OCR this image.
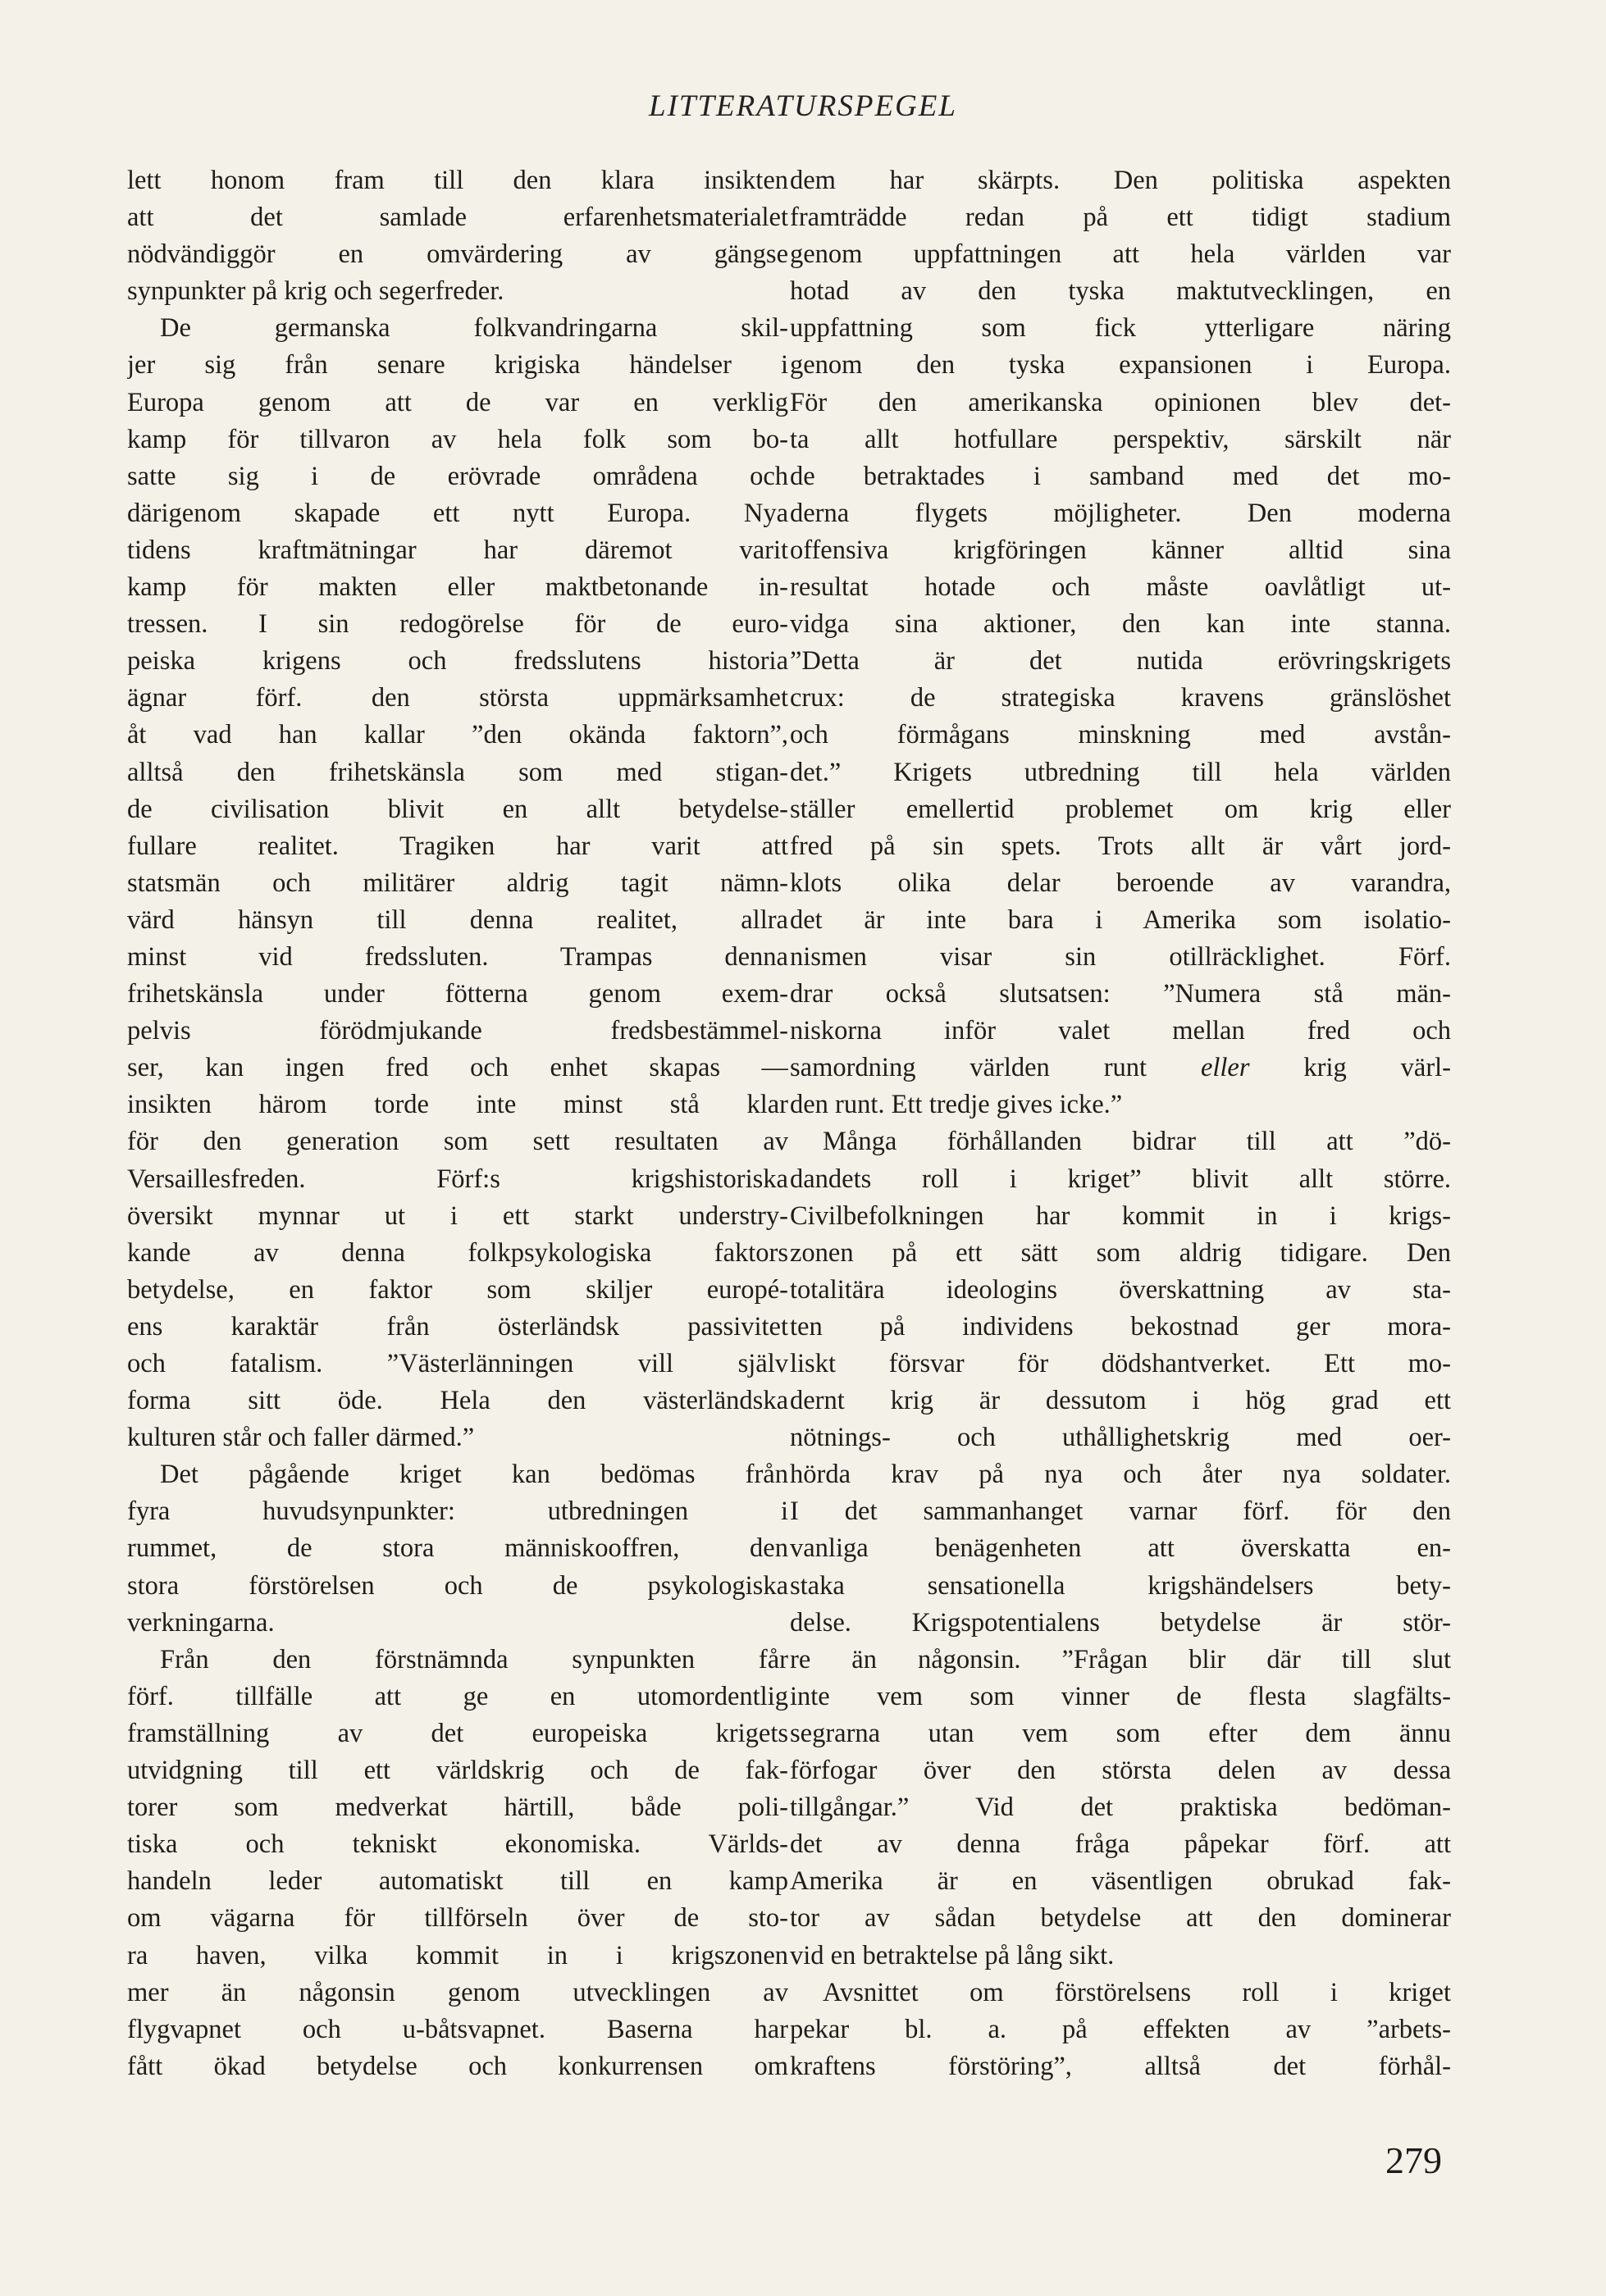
LITTERATURSPEGEL
lett honom fram till den klara insikten
att det samlade erfarenhetsmaterialet
nödvändiggör en omvärdering av gängse
synpunkter på krig och segerfreder.
De germanska folkvandringarna skil-
jer sig från senare krigiska händelser i
Europa genom att de var en verklig
kamp för tillvaron av hela folk som bo-
satte sig i de erövrade områdena och
därigenom skapade ett nytt Europa. Nya
tidens kraftmätningar har däremot varit
kamp för makten eller maktbetonande in-
tressen. I sin redogörelse för de euro-
peiska krigens och fredsslutens historia
ägnar förf. den största uppmärksamhet
åt vad han kallar ”den okända faktorn”,
alltså den frihetskänsla som med stigan-
de civilisation blivit en allt betydelse-
fullare realitet. Tragiken har varit att
statsmän och militärer aldrig tagit nämn-
värd hänsyn till denna realitet, allra
minst vid fredssluten. Trampas denna
frihetskänsla under fötterna genom exem-
pelvis förödmjukande fredsbestämmel-
ser, kan ingen fred och enhet skapas —
insikten härom torde inte minst stå klar
för den generation som sett resultaten av
Versaillesfreden. Förf:s krigshistoriska
översikt mynnar ut i ett starkt understry-
kande av denna folkpsykologiska faktors
betydelse, en faktor som skiljer europé-
ens karaktär från österländsk passivitet
och fatalism. ”Västerlänningen vill själv
forma sitt öde. Hela den västerländska
kulturen står och faller därmed.”
Det pågående kriget kan bedömas från
fyra huvudsynpunkter: utbredningen i
rummet, de stora människooffren, den
stora förstörelsen och de psykologiska
verkningarna.
Från den förstnämnda synpunkten får
förf. tillfälle att ge en utomordentlig
framställning av det europeiska krigets
utvidgning till ett världskrig och de fak-
torer som medverkat härtill, både poli-
tiska och tekniskt ekonomiska. Världs-
handeln leder automatiskt till en kamp
om vägarna för tillförseln över de sto-
ra haven, vilka kommit in i krigszonen
mer än någonsin genom utvecklingen av
flygvapnet och u-båtsvapnet. Baserna har
fått ökad betydelse och konkurrensen om
dem har skärpts. Den politiska aspekten
framträdde redan på ett tidigt stadium
genom uppfattningen att hela världen var
hotad av den tyska maktutvecklingen, en
uppfattning som fick ytterligare näring
genom den tyska expansionen i Europa.
För den amerikanska opinionen blev det-
ta allt hotfullare perspektiv, särskilt när
de betraktades i samband med det mo-
derna flygets möjligheter. Den moderna
offensiva krigföringen känner alltid sina
resultat hotade och måste oavlåtligt ut-
vidga sina aktioner, den kan inte stanna.
”Detta är det nutida erövringskrigets
crux: de strategiska kravens gränslöshet
och förmågans minskning med avstån-
det.” Krigets utbredning till hela världen
ställer emellertid problemet om krig eller
fred på sin spets. Trots allt är vårt jord-
klots olika delar beroende av varandra,
det är inte bara i Amerika som isolatio-
nismen visar sin otillräcklighet. Förf.
drar också slutsatsen: ”Numera stå män-
niskorna inför valet mellan fred och
samordning världen runt eller krig värl-
den runt. Ett tredje gives icke.”
Många förhållanden bidrar till att ”dö-
dandets roll i kriget” blivit allt större.
Civilbefolkningen har kommit in i krigs-
zonen på ett sätt som aldrig tidigare. Den
totalitära ideologins överskattning av sta-
ten på individens bekostnad ger mora-
liskt försvar för dödshantverket. Ett mo-
dernt krig är dessutom i hög grad ett
nötnings- och uthållighetskrig med oer-
hörda krav på nya och åter nya soldater.
I det sammanhanget varnar förf. för den
vanliga benägenheten att överskatta en-
staka sensationella krigshändelsers bety-
delse. Krigspotentialens betydelse är stör-
re än någonsin. ”Frågan blir där till slut
inte vem som vinner de flesta slagfälts-
segrarna utan vem som efter dem ännu
förfogar över den största delen av dessa
tillgångar.” Vid det praktiska bedöman-
det av denna fråga påpekar förf. att
Amerika är en väsentligen obrukad fak-
tor av sådan betydelse att den dominerar
vid en betraktelse på lång sikt.
Avsnittet om förstörelsens roll i kriget
pekar bl. a. på effekten av ”arbets-
kraftens förstöring”, alltså det förhål-
279
